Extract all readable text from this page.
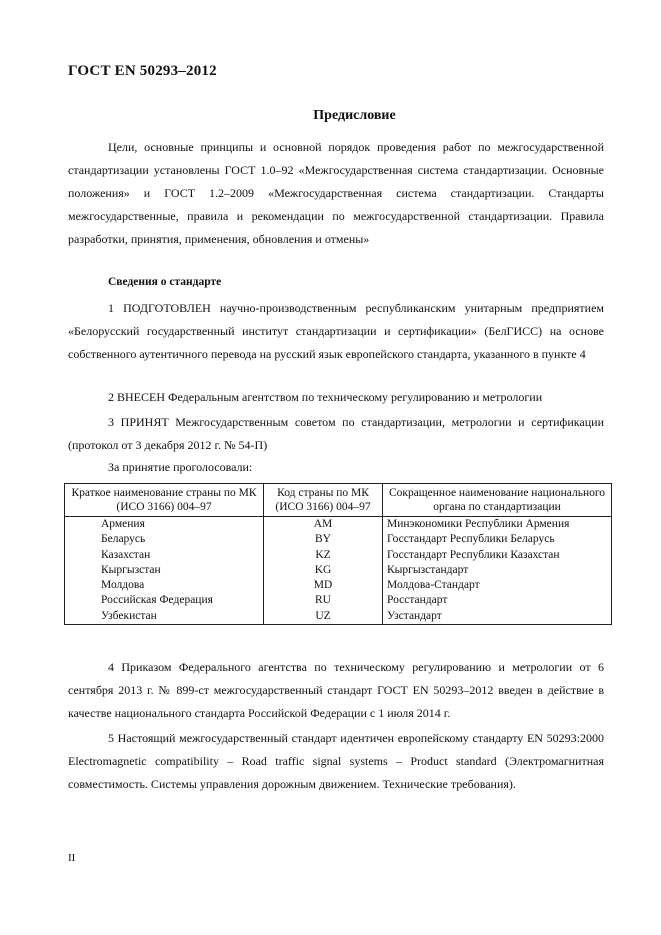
ГОСТ EN 50293–2012
Предисловие
Цели, основные принципы и основной порядок проведения работ по межгосударственной стандартизации установлены ГОСТ 1.0–92 «Межгосударственная система стандартизации. Основные положения» и ГОСТ 1.2–2009 «Межгосударственная система стандартизации. Стандарты межгосударственные, правила и рекомендации по межгосударственной стандартизации. Правила разработки, принятия, применения, обновления и отмены»
Сведения о стандарте
1 ПОДГОТОВЛЕН научно-производственным республиканским унитарным предприятием «Белорусский государственный институт стандартизации и сертификации» (БелГИСС) на основе собственного аутентичного перевода на русский язык европейского стандарта, указанного в пункте 4
2 ВНЕСЕН Федеральным агентством по техническому регулированию и метрологии
3 ПРИНЯТ Межгосударственным советом по стандартизации, метрологии и сертификации (протокол от 3 декабря 2012 г. № 54-П)
За принятие проголосовали:
Краткое наименование страны по МК (ИСО 3166) 004–97	Код страны по МК (ИСО 3166) 004–97	Сокращенное наименование национального органа по стандартизации
Армения	AM	Минэкономики Республики Армения
Беларусь	BY	Госстандарт Республики Беларусь
Казахстан	KZ	Госстандарт Республики Казахстан
Кыргызстан	KG	Кыргызстандарт
Молдова	MD	Молдова-Стандарт
Российская Федерация	RU	Росстандарт
Узбекистан	UZ	Узстандарт
4 Приказом Федерального агентства по техническому регулированию и метрологии от 6 сентября 2013 г. № 899-ст межгосударственный стандарт ГОСТ EN 50293–2012 введен в действие в качестве национального стандарта Российской Федерации с 1 июля 2014 г.
5 Настоящий межгосударственный стандарт идентичен европейскому стандарту EN 50293:2000 Electromagnetic compatibility – Road traffic signal systems – Product standard (Электромагнитная совместимость. Системы управления дорожным движением. Технические требования).
II
